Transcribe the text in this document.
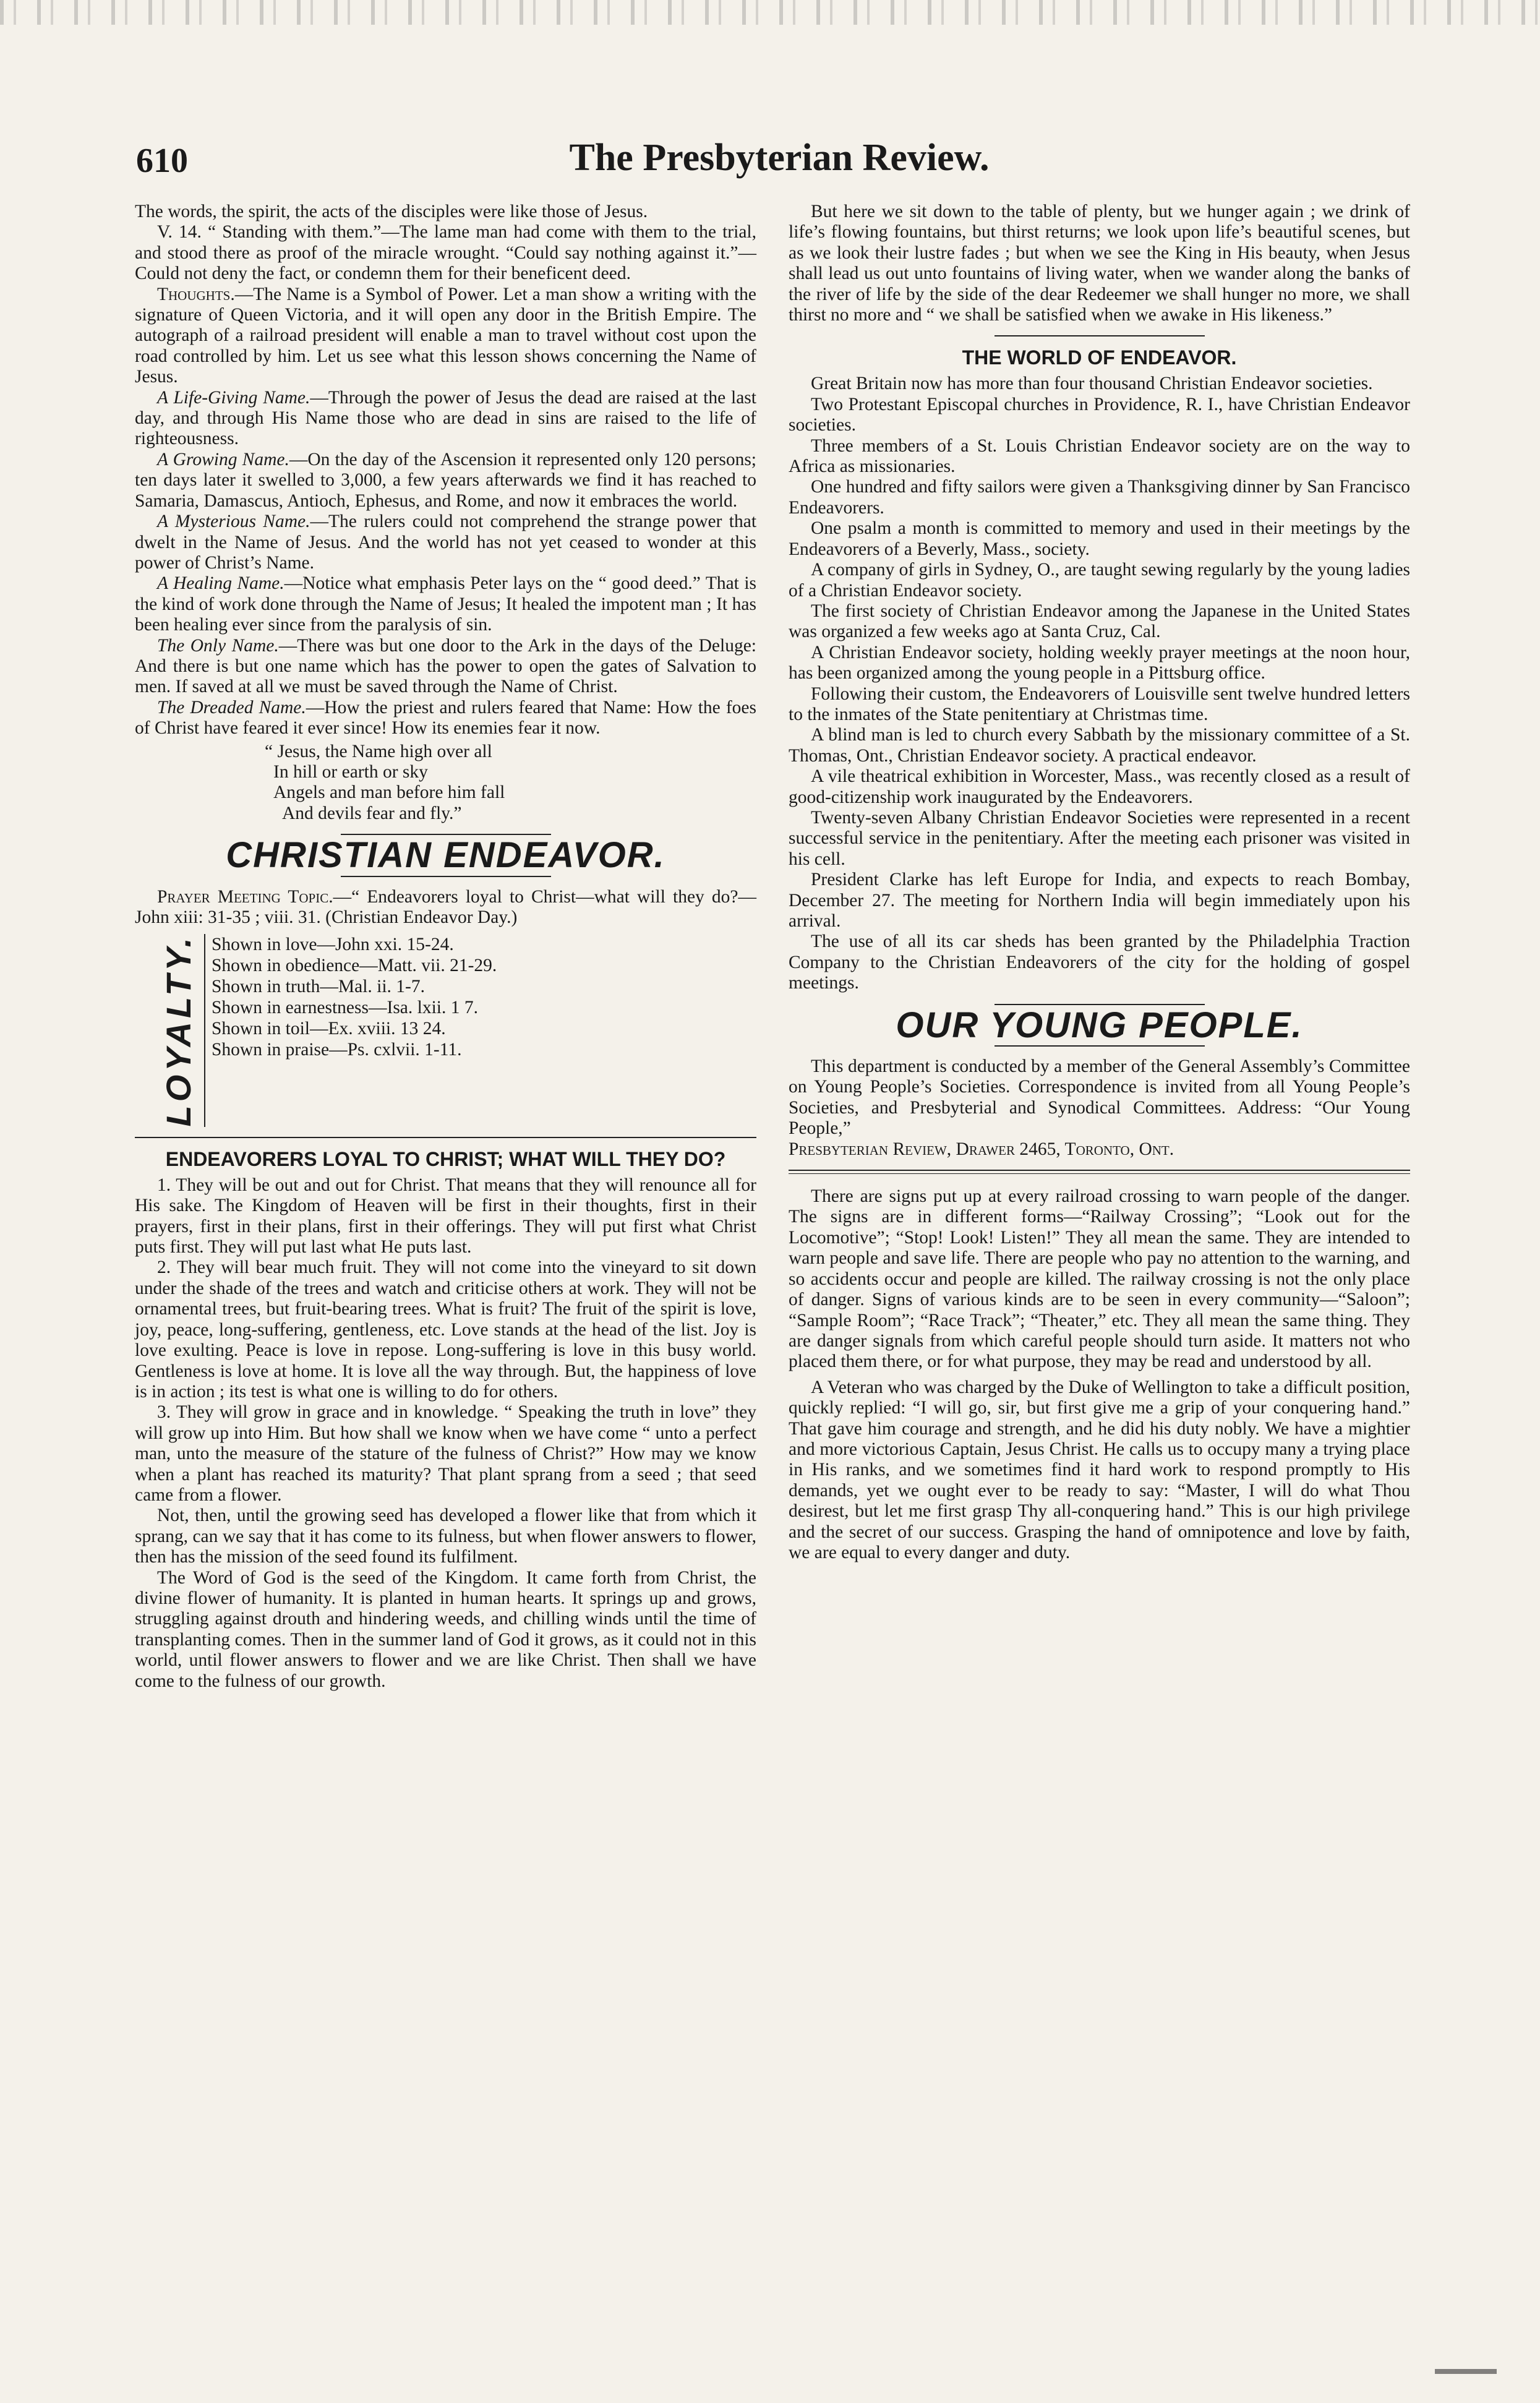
610	The Presbyterian Review.

The words, the spirit, the acts of the disciples were like those of Jesus.

V. 14. “ Standing with them.”—The lame man had come with them to the trial, and stood there as proof of the miracle wrought. “Could say nothing against it.”—Could not deny the fact, or condemn them for their beneficent deed.

Thoughts.—The Name is a Symbol of Power. Let a man show a writing with the signature of Queen Victoria, and it will open any door in the British Empire. The autograph of a railroad president will enable a man to travel without cost upon the road controlled by him. Let us see what this lesson shows concerning the Name of Jesus.

A Life-Giving Name.—Through the power of Jesus the dead are raised at the last day, and through His Name those who are dead in sins are raised to the life of righteousness.

A Growing Name.—On the day of the Ascension it represented only 120 persons; ten days later it swelled to 3,000, a few years afterwards we find it has reached to Samaria, Damascus, Antioch, Ephesus, and Rome, and now it embraces the world.

A Mysterious Name.—The rulers could not comprehend the strange power that dwelt in the Name of Jesus. And the world has not yet ceased to wonder at this power of Christ’s Name.

A Healing Name.—Notice what emphasis Peter lays on the “ good deed.” That is the kind of work done through the Name of Jesus; It healed the impotent man ; It has been healing ever since from the paralysis of sin.

The Only Name.—There was but one door to the Ark in the days of the Deluge: And there is but one name which has the power to open the gates of Salvation to men. If saved at all we must be saved through the Name of Christ.

The Dreaded Name.—How the priest and rulers feared that Name: How the foes of Christ have feared it ever since! How its enemies fear it now.

“ Jesus, the Name high over all
In hill or earth or sky
Angels and man before him fall
And devils fear and fly.”
CHRISTIAN ENDEAVOR.

Prayer Meeting Topic.—“ Endeavorers loyal to Christ—what will they do?—John xiii: 31-35 ; viii. 31. (Christian Endeavor Day.)

LOYALTY. Shown in love—John xxi. 15-24.
Shown in obedience—Matt. vii. 21-29.
Shown in truth—Mal. ii. 1-7.
Shown in earnestness—Isa. lxii. 1 7.
Shown in toil—Ex. xviii. 13 24.
Shown in praise—Ps. cxlvii. 1-11.
ENDEAVORERS LOYAL TO CHRIST; WHAT WILL THEY DO?

1. They will be out and out for Christ. That means that they will renounce all for His sake. The Kingdom of Heaven will be first in their thoughts, first in their prayers, first in their plans, first in their offerings. They will put first what Christ puts first. They will put last what He puts last.

2. They will bear much fruit. They will not come into the vineyard to sit down under the shade of the trees and watch and criticise others at work. They will not be ornamental trees, but fruit-bearing trees. What is fruit? The fruit of the spirit is love, joy, peace, long-suffering, gentleness, etc. Love stands at the head of the list. Joy is love exulting. Peace is love in repose. Long-suffering is love in this busy world. Gentleness is love at home. It is love all the way through. But, the happiness of love is in action ; its test is what one is willing to do for others.

3. They will grow in grace and in knowledge. “ Speaking the truth in love” they will grow up into Him. But how shall we know when we have come “ unto a perfect man, unto the measure of the stature of the fulness of Christ?” How may we know when a plant has reached its maturity? That plant sprang from a seed ; that seed came from a flower.

Not, then, until the growing seed has developed a flower like that from which it sprang, can we say that it has come to its fulness, but when flower answers to flower, then has the mission of the seed found its fulfilment.

The Word of God is the seed of the Kingdom. It came forth from Christ, the divine flower of humanity. It is planted in human hearts. It springs up and grows, struggling against drouth and hindering weeds, and chilling winds until the time of transplanting comes. Then in the summer land of God it grows, as it could not in this world, until flower answers to flower and we are like Christ. Then shall we have come to the fulness of our growth.

But here we sit down to the table of plenty, but we hunger again ; we drink of life’s flowing fountains, but thirst returns; we look upon life’s beautiful scenes, but as we look their lustre fades ; but when we see the King in His beauty, when Jesus shall lead us out unto fountains of living water, when we wander along the banks of the river of life by the side of the dear Redeemer we shall hunger no more, we shall thirst no more and “ we shall be satisfied when we awake in His likeness.”

THE WORLD OF ENDEAVOR.

Great Britain now has more than four thousand Christian Endeavor societies.

Two Protestant Episcopal churches in Providence, R. I., have Christian Endeavor societies.

Three members of a St. Louis Christian Endeavor society are on the way to Africa as missionaries.

One hundred and fifty sailors were given a Thanksgiving dinner by San Francisco Endeavorers.

One psalm a month is committed to memory and used in their meetings by the Endeavorers of a Beverly, Mass., society.

A company of girls in Sydney, O., are taught sewing regularly by the young ladies of a Christian Endeavor society.

The first society of Christian Endeavor among the Japanese in the United States was organized a few weeks ago at Santa Cruz, Cal.

A Christian Endeavor society, holding weekly prayer meetings at the noon hour, has been organized among the young people in a Pittsburg office.

Following their custom, the Endeavorers of Louisville sent twelve hundred letters to the inmates of the State penitentiary at Christmas time.

A blind man is led to church every Sabbath by the missionary committee of a St. Thomas, Ont., Christian Endeavor society. A practical endeavor.

A vile theatrical exhibition in Worcester, Mass., was recently closed as a result of good-citizenship work inaugurated by the Endeavorers.

Twenty-seven Albany Christian Endeavor Societies were represented in a recent successful service in the penitentiary. After the meeting each prisoner was visited in his cell.

President Clarke has left Europe for India, and expects to reach Bombay, December 27. The meeting for Northern India will begin immediately upon his arrival.

The use of all its car sheds has been granted by the Philadelphia Traction Company to the Christian Endeavorers of the city for the holding of gospel meetings.

OUR YOUNG PEOPLE.

This department is conducted by a member of the General Assembly’s Committee on Young People’s Societies. Correspondence is invited from all Young People’s Societies, and Presbyterial and Synodical Committees. Address: “Our Young People,”

Presbyterian Review, Drawer 2465, Toronto, Ont.

There are signs put up at every railroad crossing to warn people of the danger. The signs are in different forms—“Railway Crossing”; “Look out for the Locomotive”; “Stop! Look! Listen!” They all mean the same. They are intended to warn people and save life. There are people who pay no attention to the warning, and so accidents occur and people are killed. The railway crossing is not the only place of danger. Signs of various kinds are to be seen in every community—“Saloon”; “Sample Room”; “Race Track”; “Theater,” etc. They all mean the same thing. They are danger signals from which careful people should turn aside. It matters not who placed them there, or for what purpose, they may be read and understood by all.

A Veteran who was charged by the Duke of Wellington to take a difficult position, quickly replied: “I will go, sir, but first give me a grip of your conquering hand.” That gave him courage and strength, and he did his duty nobly. We have a mightier and more victorious Captain, Jesus Christ. He calls us to occupy many a trying place in His ranks, and we sometimes find it hard work to respond promptly to His demands, yet we ought ever to be ready to say: “Master, I will do what Thou desirest, but let me first grasp Thy all-conquering hand.” This is our high privilege and the secret of our success. Grasping the hand of omnipotence and love by faith, we are equal to every danger and duty.
